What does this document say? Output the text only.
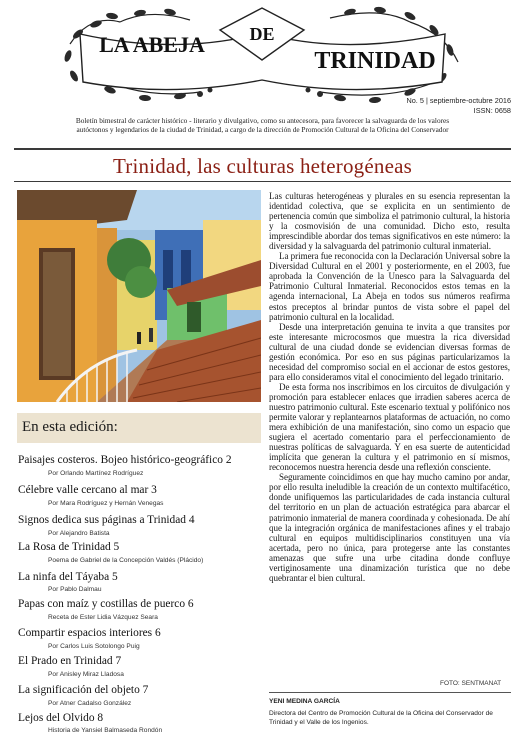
LA ABEJA DE
TRINIDAD
No. 5 | septiembre-octubre 2016
ISSN: 0658
Boletín bimestral de carácter histórico - literario y divulgativo, como su antecesora, para favorecer la salvaguarda de los valores autóctonos y legendarios de la ciudad de Trinidad, a cargo de la dirección de Promoción Cultural de la Oficina del Conservador
Trinidad, las culturas heterogéneas
En esta edición:
Paisajes costeros. Bojeo histórico-geográfico 2
Por Orlando Martínez Rodríguez
Célebre valle cercano al mar 3
Por Mara Rodríguez y Hernán Venegas
Signos dedica sus páginas a Trinidad 4
Por Alejandro Batista
La Rosa de Trinidad 5
Poema de Gabriel de la Concepción Valdés (Plácido)
La ninfa del Táyaba 5
Por Pablo Dalmau
Papas con maíz y costillas de puerco 6
Receta de Ester Lidia Vázquez Seara
Compartir espacios interiores 6
Por Carlos Luis Sotolongo Puig
El Prado en Trinidad 7
Por Anisley Miraz Lladosa
La significación del objeto 7
Por Atner Cadalso González
Lejos del Olvido 8
Historia de Yansiel Balmaseda Rondón

Las culturas heterogéneas y plurales en su esencia representan la identidad colectiva, que se explicita en un sentimiento de pertenencia común que simboliza el patrimonio cultural, la historia y la cosmovisión de una comunidad. Dicho esto, resulta imprescindible abordar dos temas significativos en este número: la diversidad y la salvaguarda del patrimonio cultural inmaterial.

La primera fue reconocida con la Declaración Universal sobre la Diversidad Cultural en el 2001 y posteriormente, en el 2003, fue aprobada la Convención de la Unesco para la Salvaguarda del Patrimonio Cultural Inmaterial. Reconocidos estos temas en la agenda internacional, La Abeja en todos sus números reafirma estos preceptos al brindar puntos de vista sobre el papel del patrimonio cultural en la localidad.

Desde una interpretación genuina te invita a que transites por este interesante microcosmos que muestra la rica diversidad cultural de una ciudad donde se evidencian diversas formas de gestión económica. Por eso en sus páginas particularizamos la necesidad del compromiso social en el accionar de estos gestores, para ello consideramos vital el conocimiento del legado trinitario.

De esta forma nos inscribimos en los circuitos de divulgación y promoción para establecer enlaces que irradien saberes acerca de nuestro patrimonio cultural. Este escenario textual y polifónico nos permite valorar y replantearnos plataformas de actuación, no como mera exhibición de una manifestación, sino como un espacio que sugiera el acertado comentario para el perfeccionamiento de nuestras políticas de salvaguarda. Y en esa suerte de autenticidad implícita que generan la cultura y el patrimonio en sí mismos, reconocemos nuestra herencia desde una reflexión consciente.

Seguramente coincidimos en que hay mucho camino por andar, por ello resulta ineludible la creación de un contexto multifacético, donde unifiquemos las particularidades de cada instancia cultural del territorio en un plan de actuación estratégica para abarcar el patrimonio inmaterial de manera coordinada y cohesionada. De ahí que la integración orgánica de manifestaciones afines y el trabajo cultural en equipos multidisciplinarios constituyen una vía acertada, pero no única, para protegerse ante las constantes amenazas que sufre una urbe citadina donde confluye vertiginosamente una dinamización turística que no debe quebrantar el bien cultural.

FOTO: SENTMANAT
YENI MEDINA GARCÍA
Directora del Centro de Promoción Cultural de la Oficina del Conservador de Trinidad y el Valle de los Ingenios.
